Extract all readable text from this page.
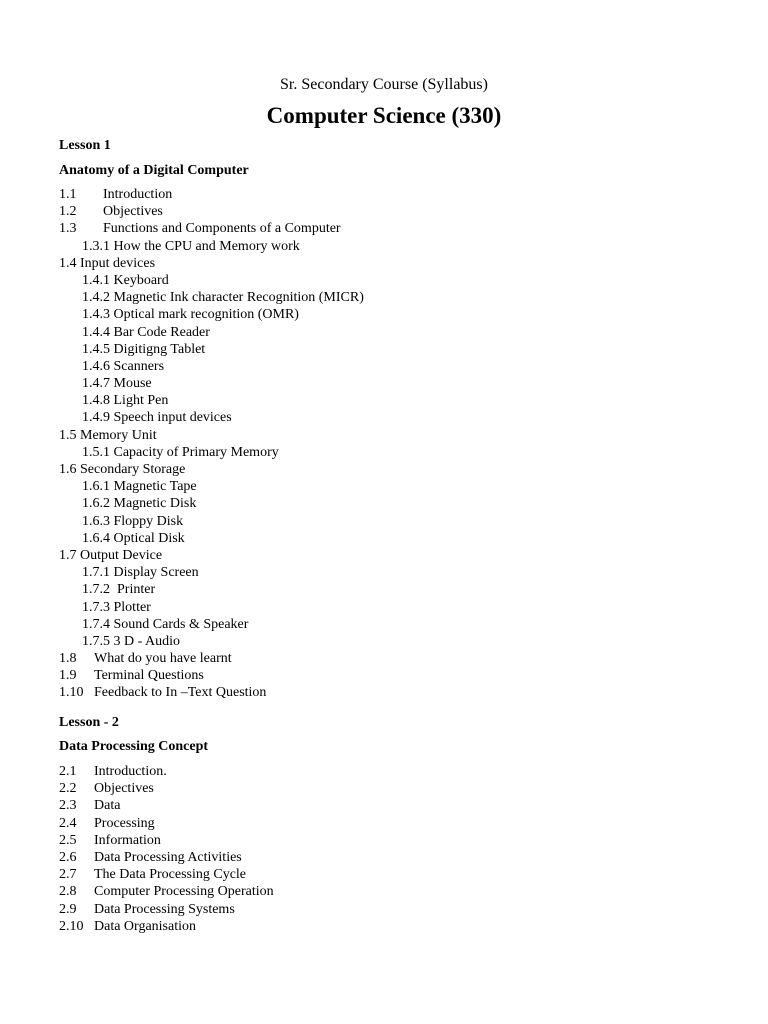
Sr. Secondary Course (Syllabus)
Computer Science (330)
Lesson 1
Anatomy of a Digital Computer
1.1 Introduction
1.2 Objectives
1.3 Functions and Components of a Computer
1.3.1 How the CPU and Memory work
1.4 Input devices
1.4.1 Keyboard
1.4.2 Magnetic Ink character Recognition (MICR)
1.4.3 Optical mark recognition (OMR)
1.4.4 Bar Code Reader
1.4.5 Digitigng Tablet
1.4.6 Scanners
1.4.7 Mouse
1.4.8 Light Pen
1.4.9 Speech input devices
1.5 Memory Unit
1.5.1 Capacity of Primary Memory
1.6 Secondary Storage
1.6.1 Magnetic Tape
1.6.2 Magnetic Disk
1.6.3 Floppy Disk
1.6.4 Optical Disk
1.7 Output Device
1.7.1 Display Screen
1.7.2  Printer
1.7.3 Plotter
1.7.4 Sound Cards & Speaker
1.7.5 3 D - Audio
1.8 What do you have learnt
1.9 Terminal Questions
1.10 Feedback to In –Text Question
Lesson - 2
Data Processing Concept
2.1 Introduction.
2.2 Objectives
2.3 Data
2.4 Processing
2.5 Information
2.6 Data Processing Activities
2.7 The Data Processing Cycle
2.8 Computer Processing Operation
2.9 Data Processing Systems
2.10 Data Organisation
